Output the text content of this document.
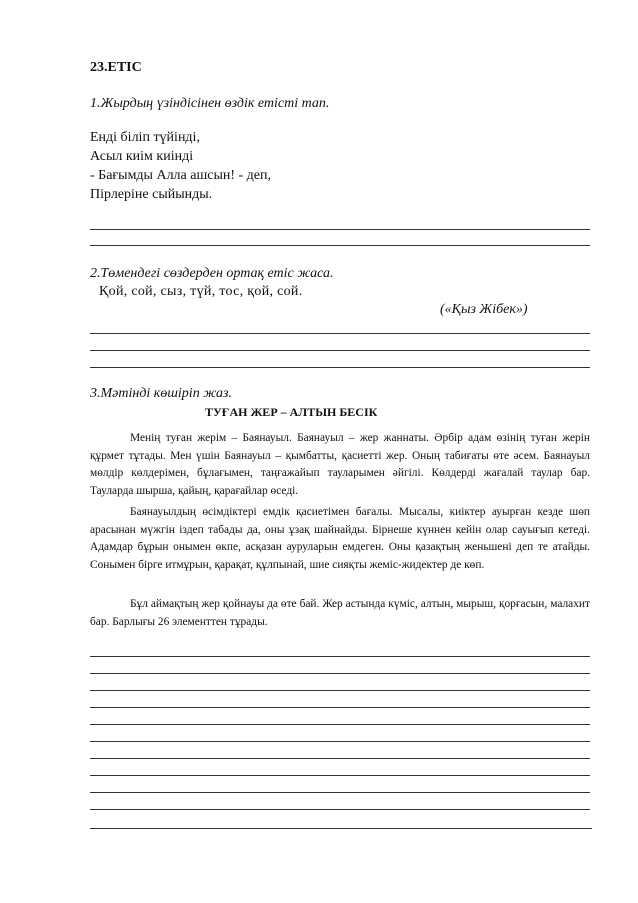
23.ЕТІС
1.Жырдың үзіндісінен өздік етісті тап.
Енді біліп түйінді,
Асыл киім киінді
- Бағымды Алла ашсын! - деп,
Пірлеріне сыйынды.
2.Төмендегі сөздерден ортақ етіс жаса.
Қой, сой, сыз, түй, тос, қой, сой.
(«Қыз Жібек»)
3.Мәтінді көшіріп жаз.
ТУҒАН ЖЕР – АЛТЫН БЕСІК
Менің туған жерім – Баянауыл. Баянауыл – жер жаннаты. Әрбір адам өзінің туған жерін құрмет тұтады. Мен үшін Баянауыл – қымбатты, қасиетті жер. Оның табиғаты өте әсем. Баянауыл мөлдір көлдерімен, бұлағымен, таңғажайып тауларымен әйгілі. Көлдерді жағалай таулар бар. Тауларда шырша, қайың, қарағайлар өседі.
Баянауылдың өсімдіктері емдік қасиетімен бағалы. Мысалы, киіктер ауырған кезде шөп арасынан мүжгін іздеп табады да, оны ұзақ шайнайды. Бірнеше күннен кейін олар сауығып кетеді. Адамдар бұрын онымен өкпе, асқазан ауруларын емдеген. Оны қазақтың женьшені деп те атайды. Сонымен бірге итмұрын, қарақат, құлпынай, шие сияқты жеміс-жидектер де көп.
Бұл аймақтың жер қойнауы да өте бай. Жер астында күміс, алтын, мырыш, қорғасын, малахит бар. Барлығы 26 элементтен тұрады.
